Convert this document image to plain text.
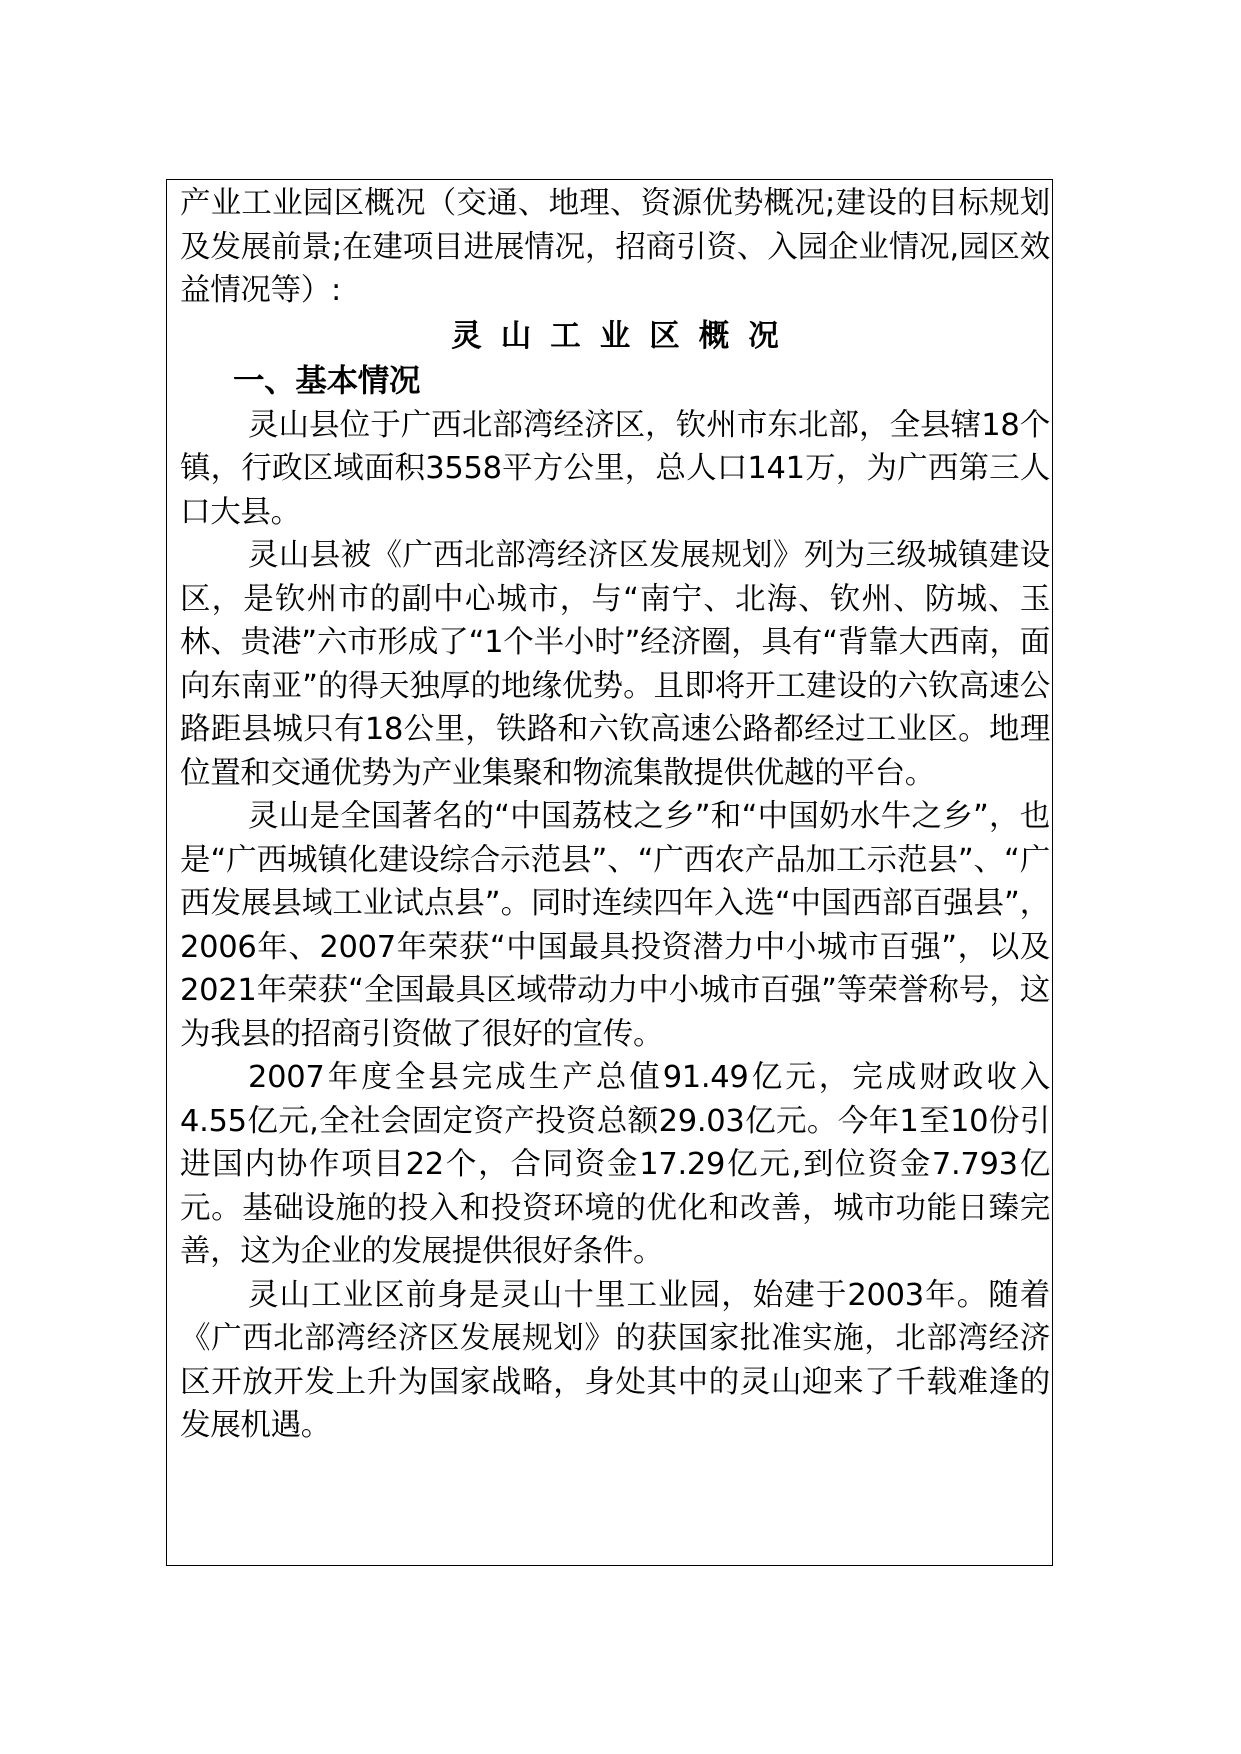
产业工业园区概况（交通、地理、资源优势概况;建设的目标规划及发展前景;在建项目进展情况，招商引资、入园企业情况,园区效益情况等）:

灵山工业区概况

一、基本情况

灵山县位于广西北部湾经济区，钦州市东北部，全县辖18个镇，行政区域面积3558平方公里，总人口141万，为广西第三人口大县。

灵山县被《广西北部湾经济区发展规划》列为三级城镇建设区，是钦州市的副中心城市，与“南宁、北海、钦州、防城、玉林、贵港”六市形成了“1个半小时”经济圈，具有“背靠大西南，面向东南亚”的得天独厚的地缘优势。且即将开工建设的六钦高速公路距县城只有18公里，铁路和六钦高速公路都经过工业区。地理位置和交通优势为产业集聚和物流集散提供优越的平台。

灵山是全国著名的“中国荔枝之乡”和“中国奶水牛之乡”，也是“广西城镇化建设综合示范县”、“广西农产品加工示范县”、“广西发展县域工业试点县”。同时连续四年入选“中国西部百强县”，2006年、2007年荣获“中国最具投资潜力中小城市百强”，以及2021年荣获“全国最具区域带动力中小城市百强”等荣誉称号，这为我县的招商引资做了很好的宣传。

2007年度全县完成生产总值91.49亿元，完成财政收入4.55亿元,全社会固定资产投资总额29.03亿元。今年1至10份引进国内协作项目22个，合同资金17.29亿元,到位资金7.793亿元。基础设施的投入和投资环境的优化和改善，城市功能日臻完善，这为企业的发展提供很好条件。

灵山工业区前身是灵山十里工业园，始建于2003年。随着《广西北部湾经济区发展规划》的获国家批准实施，北部湾经济区开放开发上升为国家战略，身处其中的灵山迎来了千载难逢的发展机遇。
